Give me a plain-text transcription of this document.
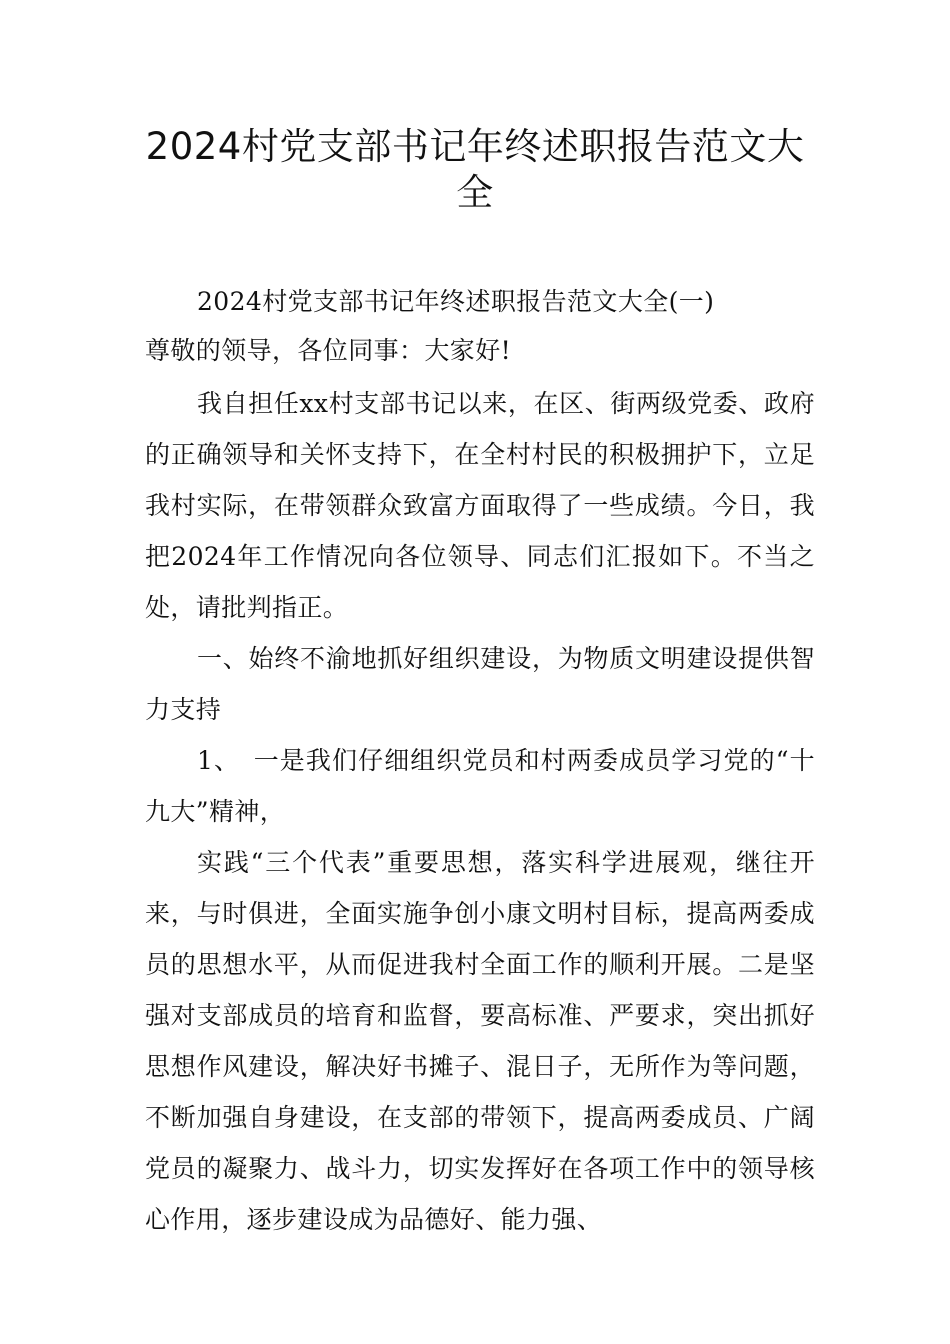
2024村党支部书记年终述职报告范文大
全

2024村党支部书记年终述职报告范文大全(一)

尊敬的领导，各位同事：大家好!

我自担任xx村支部书记以来，在区、街两级党委、政府的正确领导和关怀支持下，在全村村民的积极拥护下，立足我村实际，在带领群众致富方面取得了一些成绩。今日，我把2024年工作情况向各位领导、同志们汇报如下。不当之处，请批判指正。

一、始终不渝地抓好组织建设，为物质文明建设提供智力支持

1、　一是我们仔细组织党员和村两委成员学习党的“十九大”精神，

实践“三个代表”重要思想，落实科学进展观，继往开来，与时俱进，全面实施争创小康文明村目标，提高两委成员的思想水平，从而促进我村全面工作的顺利开展。二是坚强对支部成员的培育和监督，要高标准、严要求，突出抓好思想作风建设，解决好书摊子、混日子，无所作为等问题，不断加强自身建设，在支部的带领下，提高两委成员、广阔党员的凝聚力、战斗力，切实发挥好在各项工作中的领导核心作用，逐步建设成为品德好、能力强、
